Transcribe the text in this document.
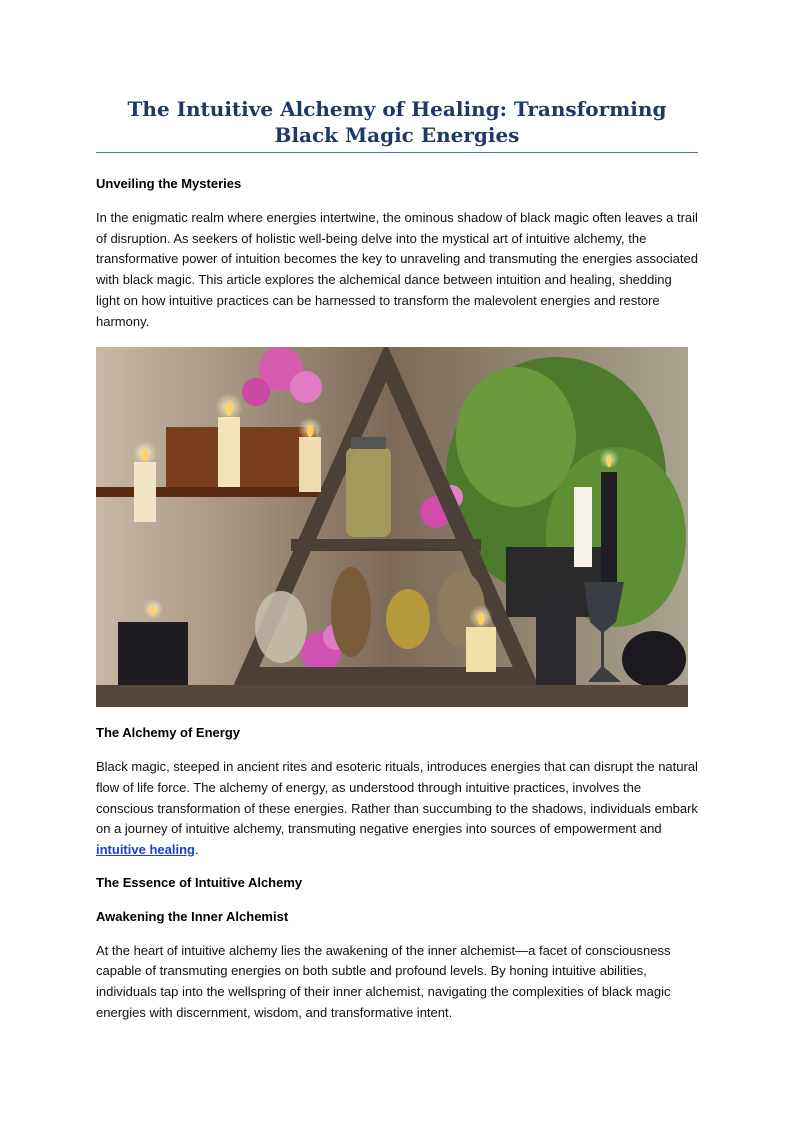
The Intuitive Alchemy of Healing: Transforming Black Magic Energies
Unveiling the Mysteries

In the enigmatic realm where energies intertwine, the ominous shadow of black magic often leaves a trail of disruption. As seekers of holistic well-being delve into the mystical art of intuitive alchemy, the transformative power of intuition becomes the key to unraveling and transmuting the energies associated with black magic. This article explores the alchemical dance between intuition and healing, shedding light on how intuitive practices can be harnessed to transform the malevolent energies and restore harmony.

The Alchemy of Energy

Black magic, steeped in ancient rites and esoteric rituals, introduces energies that can disrupt the natural flow of life force. The alchemy of energy, as understood through intuitive practices, involves the conscious transformation of these energies. Rather than succumbing to the shadows, individuals embark on a journey of intuitive alchemy, transmuting negative energies into sources of empowerment and intuitive healing.

The Essence of Intuitive Alchemy
Awakening the Inner Alchemist

At the heart of intuitive alchemy lies the awakening of the inner alchemist—a facet of consciousness capable of transmuting energies on both subtle and profound levels. By honing intuitive abilities, individuals tap into the wellspring of their inner alchemist, navigating the complexities of black magic energies with discernment, wisdom, and transformative intent.
